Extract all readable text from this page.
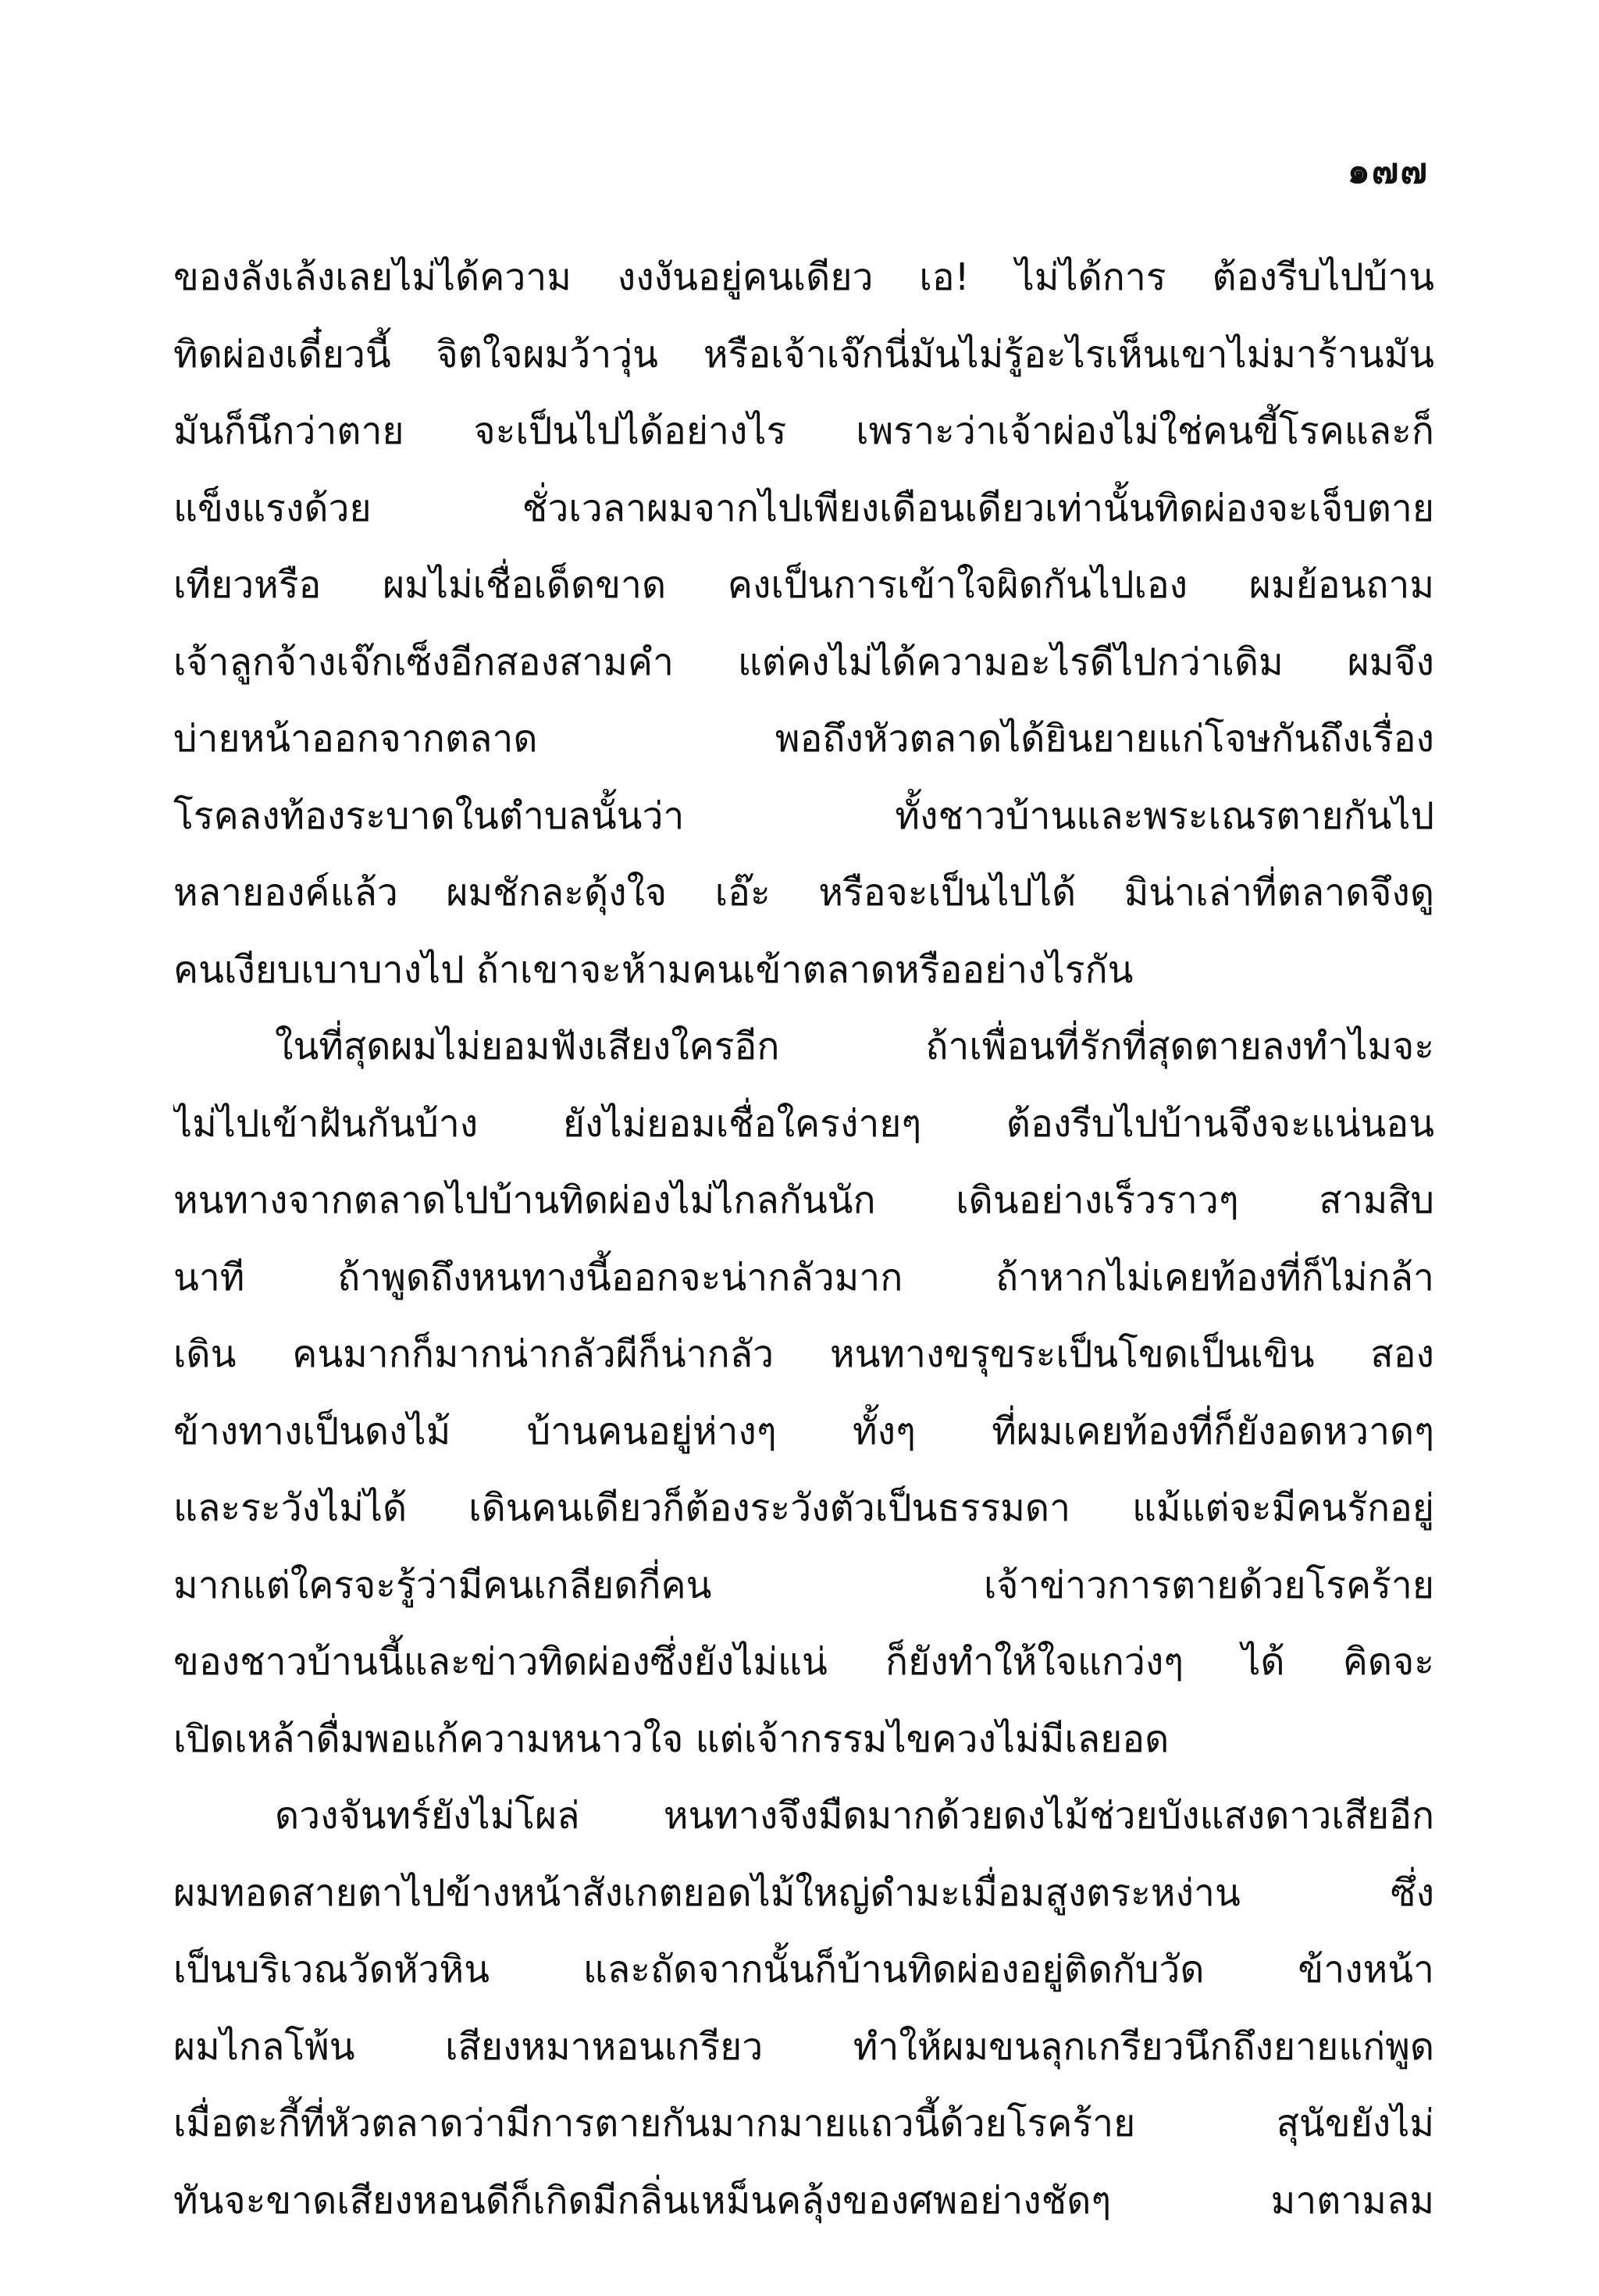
๑๗๗
ของลังเล้งเลยไม่ได้ความ งงงันอยู่คนเดียว เอ! ไม่ได้การ ต้องรีบไปบ้าน
ทิดผ่องเดี๋ยวนี้ จิตใจผมว้าวุ่น หรือเจ้าเจ๊กนี่มันไม่รู้อะไรเห็นเขาไม่มาร้านมัน
มันก็นึกว่าตาย จะเป็นไปได้อย่างไร เพราะว่าเจ้าผ่องไม่ใช่คนขี้โรคและก็
แข็งแรงด้วย ชั่วเวลาผมจากไปเพียงเดือนเดียวเท่านั้นทิดผ่องจะเจ็บตาย
เทียวหรือ ผมไม่เชื่อเด็ดขาด คงเป็นการเข้าใจผิดกันไปเอง ผมย้อนถาม
เจ้าลูกจ้างเจ๊กเซ็งอีกสองสามคำ แต่คงไม่ได้ความอะไรดีไปกว่าเดิม ผมจึง
บ่ายหน้าออกจากตลาด พอถึงหัวตลาดได้ยินยายแก่โจษกันถึงเรื่อง
โรคลงท้องระบาดในตำบลนั้นว่า ทั้งชาวบ้านและพระเณรตายกันไป
หลายองค์แล้ว ผมชักละดุ้งใจ เอ๊ะ หรือจะเป็นไปได้ มิน่าเล่าที่ตลาดจึงดู
คนเงียบเบาบางไป ถ้าเขาจะห้ามคนเข้าตลาดหรืออย่างไรกัน
ในที่สุดผมไม่ยอมฟังเสียงใครอีก ถ้าเพื่อนที่รักที่สุดตายลงทำไมจะ
ไม่ไปเข้าฝันกันบ้าง ยังไม่ยอมเชื่อใครง่ายๆ ต้องรีบไปบ้านจึงจะแน่นอน
หนทางจากตลาดไปบ้านทิดผ่องไม่ไกลกันนัก เดินอย่างเร็วราวๆ สามสิบ
นาที ถ้าพูดถึงหนทางนี้ออกจะน่ากลัวมาก ถ้าหากไม่เคยท้องที่ก็ไม่กล้า
เดิน คนมากก็มากน่ากลัวผีก็น่ากลัว หนทางขรุขระเป็นโขดเป็นเขิน สอง
ข้างทางเป็นดงไม้ บ้านคนอยู่ห่างๆ ทั้งๆ ที่ผมเคยท้องที่ก็ยังอดหวาดๆ
และระวังไม่ได้ เดินคนเดียวก็ต้องระวังตัวเป็นธรรมดา แม้แต่จะมีคนรักอยู่
มากแต่ใครจะรู้ว่ามีคนเกลียดกี่คน เจ้าข่าวการตายด้วยโรคร้าย
ของชาวบ้านนี้และข่าวทิดผ่องซึ่งยังไม่แน่ ก็ยังทำให้ใจแกว่งๆ ได้ คิดจะ
เปิดเหล้าดื่มพอแก้ความหนาวใจ แต่เจ้ากรรมไขควงไม่มีเลยอด
ดวงจันทร์ยังไม่โผล่ หนทางจึงมืดมากด้วยดงไม้ช่วยบังแสงดาวเสียอีก
ผมทอดสายตาไปข้างหน้าสังเกตยอดไม้ใหญ่ดำมะเมื่อมสูงตระหง่าน ซึ่ง
เป็นบริเวณวัดหัวหิน และถัดจากนั้นก็บ้านทิดผ่องอยู่ติดกับวัด ข้างหน้า
ผมไกลโพ้น เสียงหมาหอนเกรียว ทำให้ผมขนลุกเกรียวนึกถึงยายแก่พูด
เมื่อตะกี้ที่หัวตลาดว่ามีการตายกันมากมายแถวนี้ด้วยโรคร้าย สุนัขยังไม่
ทันจะขาดเสียงหอนดีก็เกิดมีกลิ่นเหม็นคลุ้งของศพอย่างชัดๆ มาตามลม
